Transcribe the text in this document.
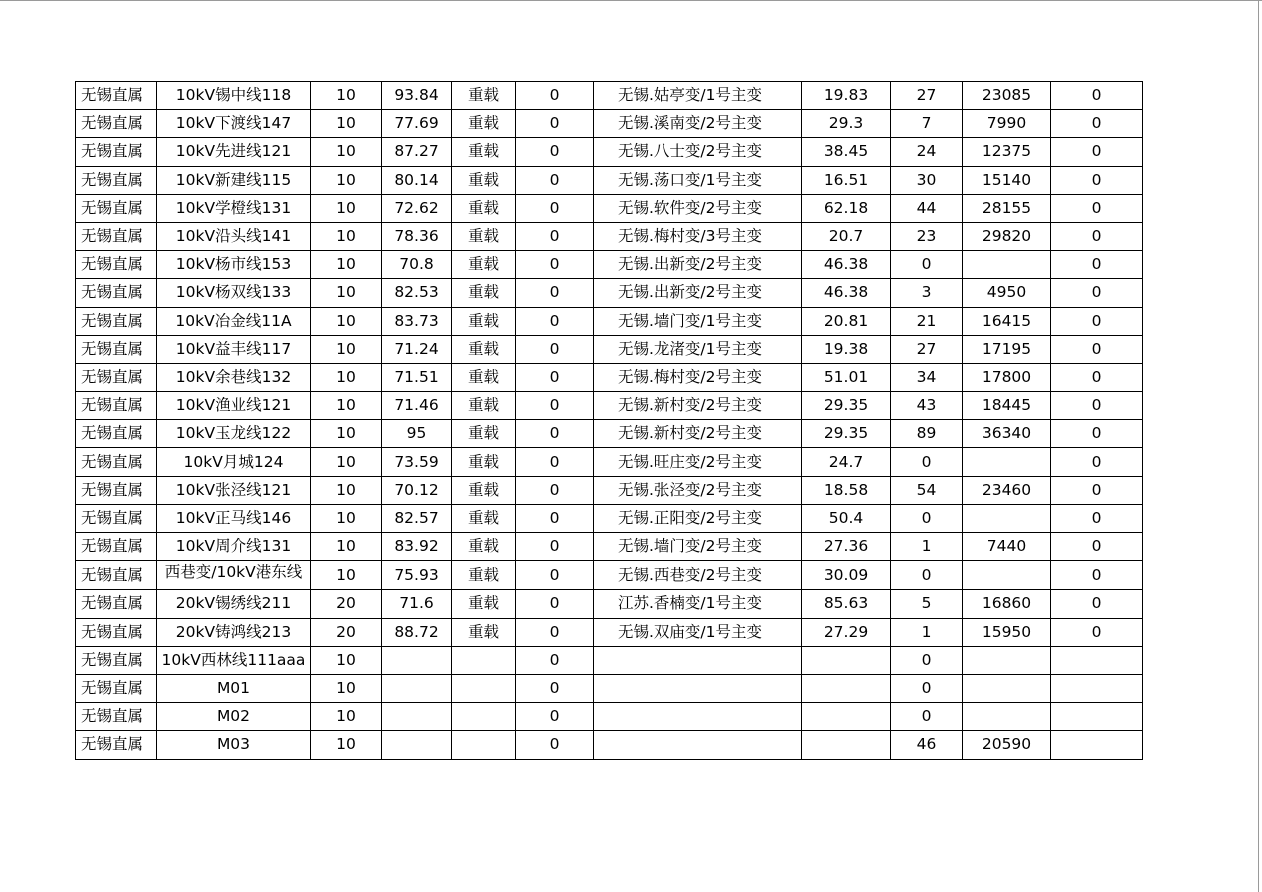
无锡直属	10kV锡中线118	10	93.84	重载	0	无锡.姑亭变/1号主变	19.83	27	23085	0
无锡直属	10kV下渡线147	10	77.69	重载	0	无锡.溪南变/2号主变	29.3	7	7990	0
无锡直属	10kV先进线121	10	87.27	重载	0	无锡.八士变/2号主变	38.45	24	12375	0
无锡直属	10kV新建线115	10	80.14	重载	0	无锡.荡口变/1号主变	16.51	30	15140	0
无锡直属	10kV学橙线131	10	72.62	重载	0	无锡.软件变/2号主变	62.18	44	28155	0
无锡直属	10kV沿头线141	10	78.36	重载	0	无锡.梅村变/3号主变	20.7	23	29820	0
无锡直属	10kV杨市线153	10	70.8	重载	0	无锡.出新变/2号主变	46.38	0		0
无锡直属	10kV杨双线133	10	82.53	重载	0	无锡.出新变/2号主变	46.38	3	4950	0
无锡直属	10kV冶金线11A	10	83.73	重载	0	无锡.墙门变/1号主变	20.81	21	16415	0
无锡直属	10kV益丰线117	10	71.24	重载	0	无锡.龙渚变/1号主变	19.38	27	17195	0
无锡直属	10kV余巷线132	10	71.51	重载	0	无锡.梅村变/2号主变	51.01	34	17800	0
无锡直属	10kV渔业线121	10	71.46	重载	0	无锡.新村变/2号主变	29.35	43	18445	0
无锡直属	10kV玉龙线122	10	95	重载	0	无锡.新村变/2号主变	29.35	89	36340	0
无锡直属	10kV月城124	10	73.59	重载	0	无锡.旺庄变/2号主变	24.7	0		0
无锡直属	10kV张泾线121	10	70.12	重载	0	无锡.张泾变/2号主变	18.58	54	23460	0
无锡直属	10kV正马线146	10	82.57	重载	0	无锡.正阳变/2号主变	50.4	0		0
无锡直属	10kV周介线131	10	83.92	重载	0	无锡.墙门变/2号主变	27.36	1	7440	0
无锡直属	西巷变/10kV港东线	10	75.93	重载	0	无锡.西巷变/2号主变	30.09	0		0
无锡直属	20kV锡绣线211	20	71.6	重载	0	江苏.香楠变/1号主变	85.63	5	16860	0
无锡直属	20kV铸鸿线213	20	88.72	重载	0	无锡.双庙变/1号主变	27.29	1	15950	0
无锡直属	10kV西林线111aaa	10			0			0		
无锡直属	M01	10			0			0		
无锡直属	M02	10			0			0		
无锡直属	M03	10			0			46	20590	
